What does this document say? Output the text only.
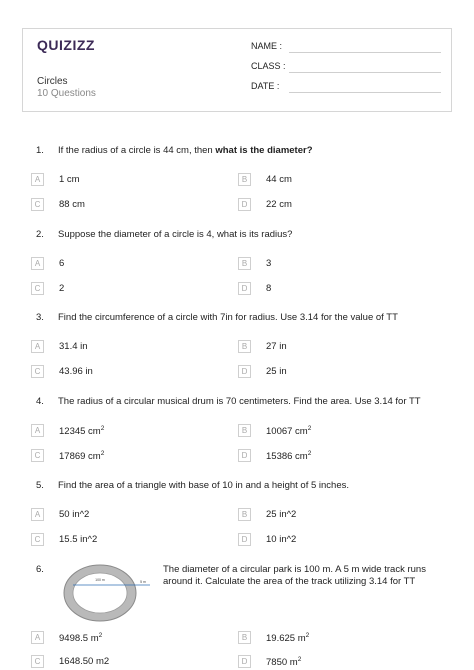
QUIZIZZ
Circles
10 Questions
NAME :
CLASS :
DATE :
1. If the radius of a circle is 44 cm, then what is the diameter?
A	1 cm	B	44 cm
C	88 cm	D	22 cm
2. Suppose the diameter of a circle is 4, what is its radius?
A	6	B	3
C	2	D	8
3. Find the circumference of a circle with 7in for radius. Use 3.14 for the value of TT
A	31.4 in	B	27 in
C	43.96 in	D	25 in
4. The radius of a circular musical drum is 70 centimeters. Find the area. Use 3.14 for TT
A	12345 $cm^2$	B	10067 $cm^2$
C	17869 $cm^2$	D	15386 $cm^2$
5. Find the area of a triangle with base of 10 in and a height of 5 inches.
A	50 in^2	B	25 in^2
C	15.5 in^2	D	10 in^2
6.
100 m	5 m
The diameter of a circular park is 100 m. A 5 m wide track runs around it. Calculate the area of the track utilizing 3.14 for TT
A	9498.5 $m^2$	B	19.625 $m^2$
C	1648.50 m2	D	7850 $m^2$
